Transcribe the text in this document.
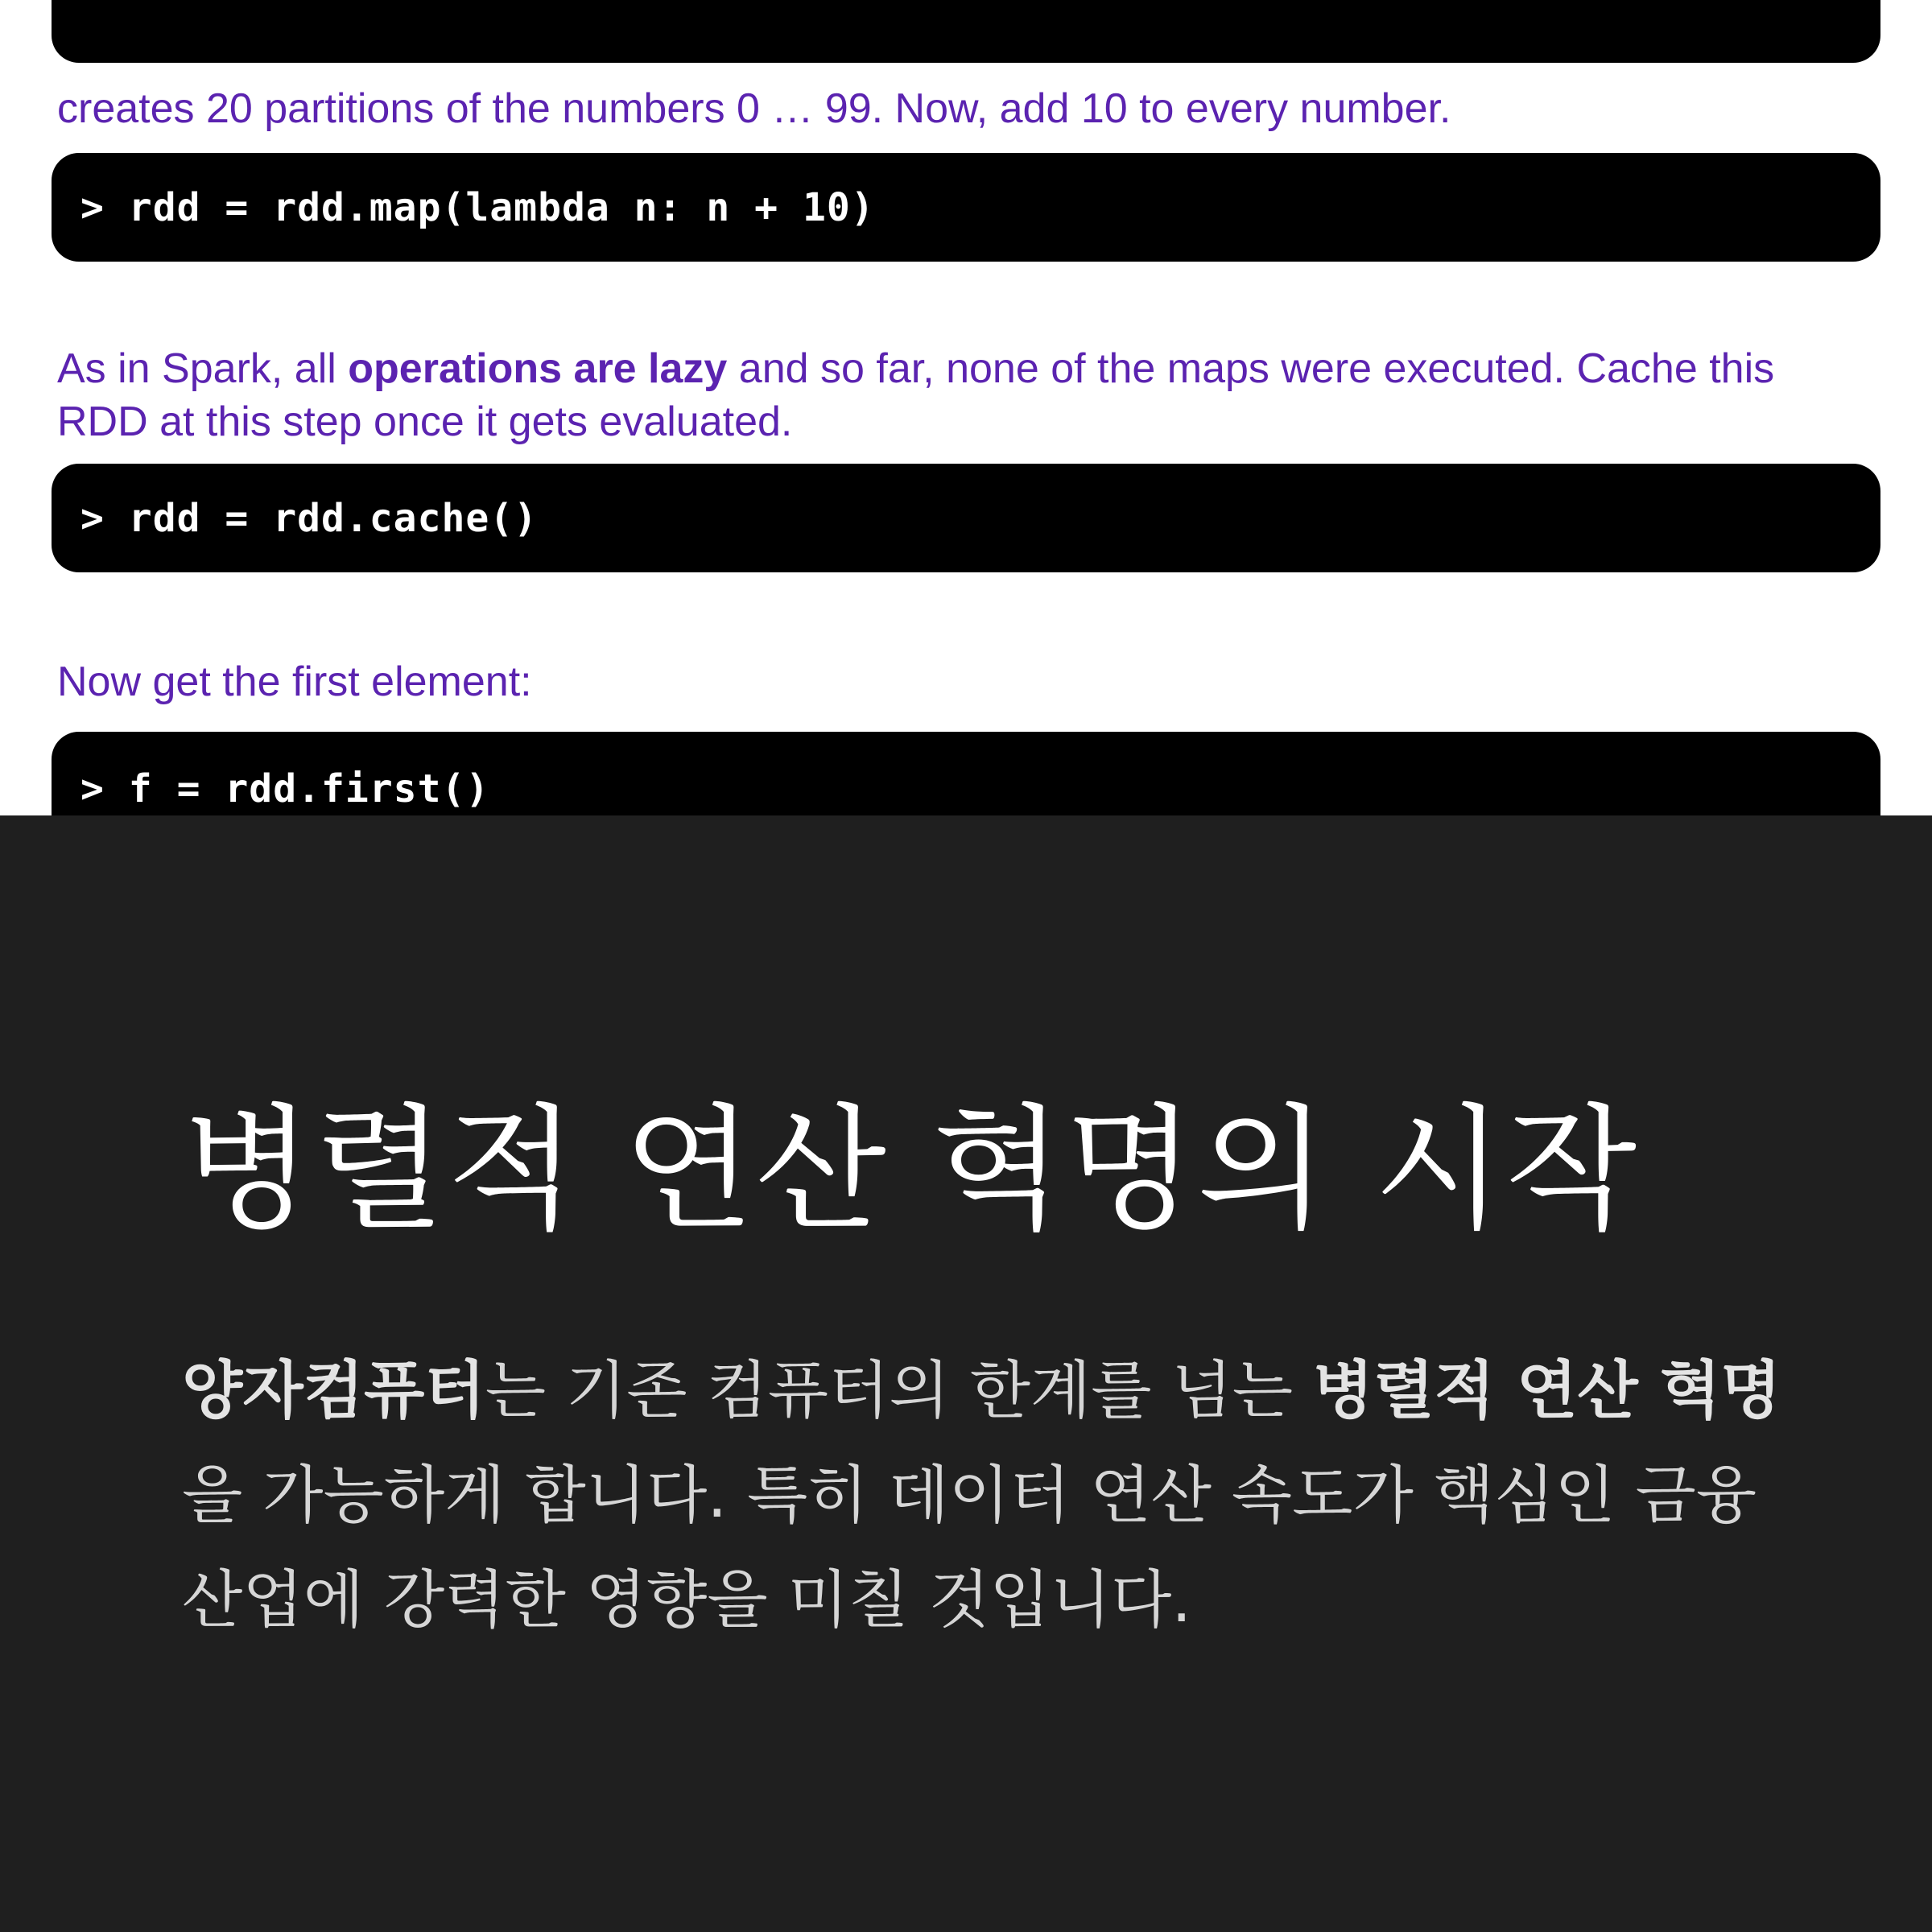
creates 20 partitions of the numbers 0 … 99. Now, add 10 to every number.
> rdd = rdd.map(lambda n: n + 10)
As in Spark, all operations are lazy and so far, none of the maps were executed. Cache this RDD at this step once it gets evaluated.
> rdd = rdd.cache()
Now get the first element:
> f = rdd.first()
병렬적 연산 혁명의 시작
양자컴퓨터는 기존 컴퓨터의 한계를 넘는 병렬적 연산 혁명을 가능하게 합니다. 특히 데이터 연산 속도가 핵심인 금융 산업에 강력한 영향을 미칠 것입니다.
